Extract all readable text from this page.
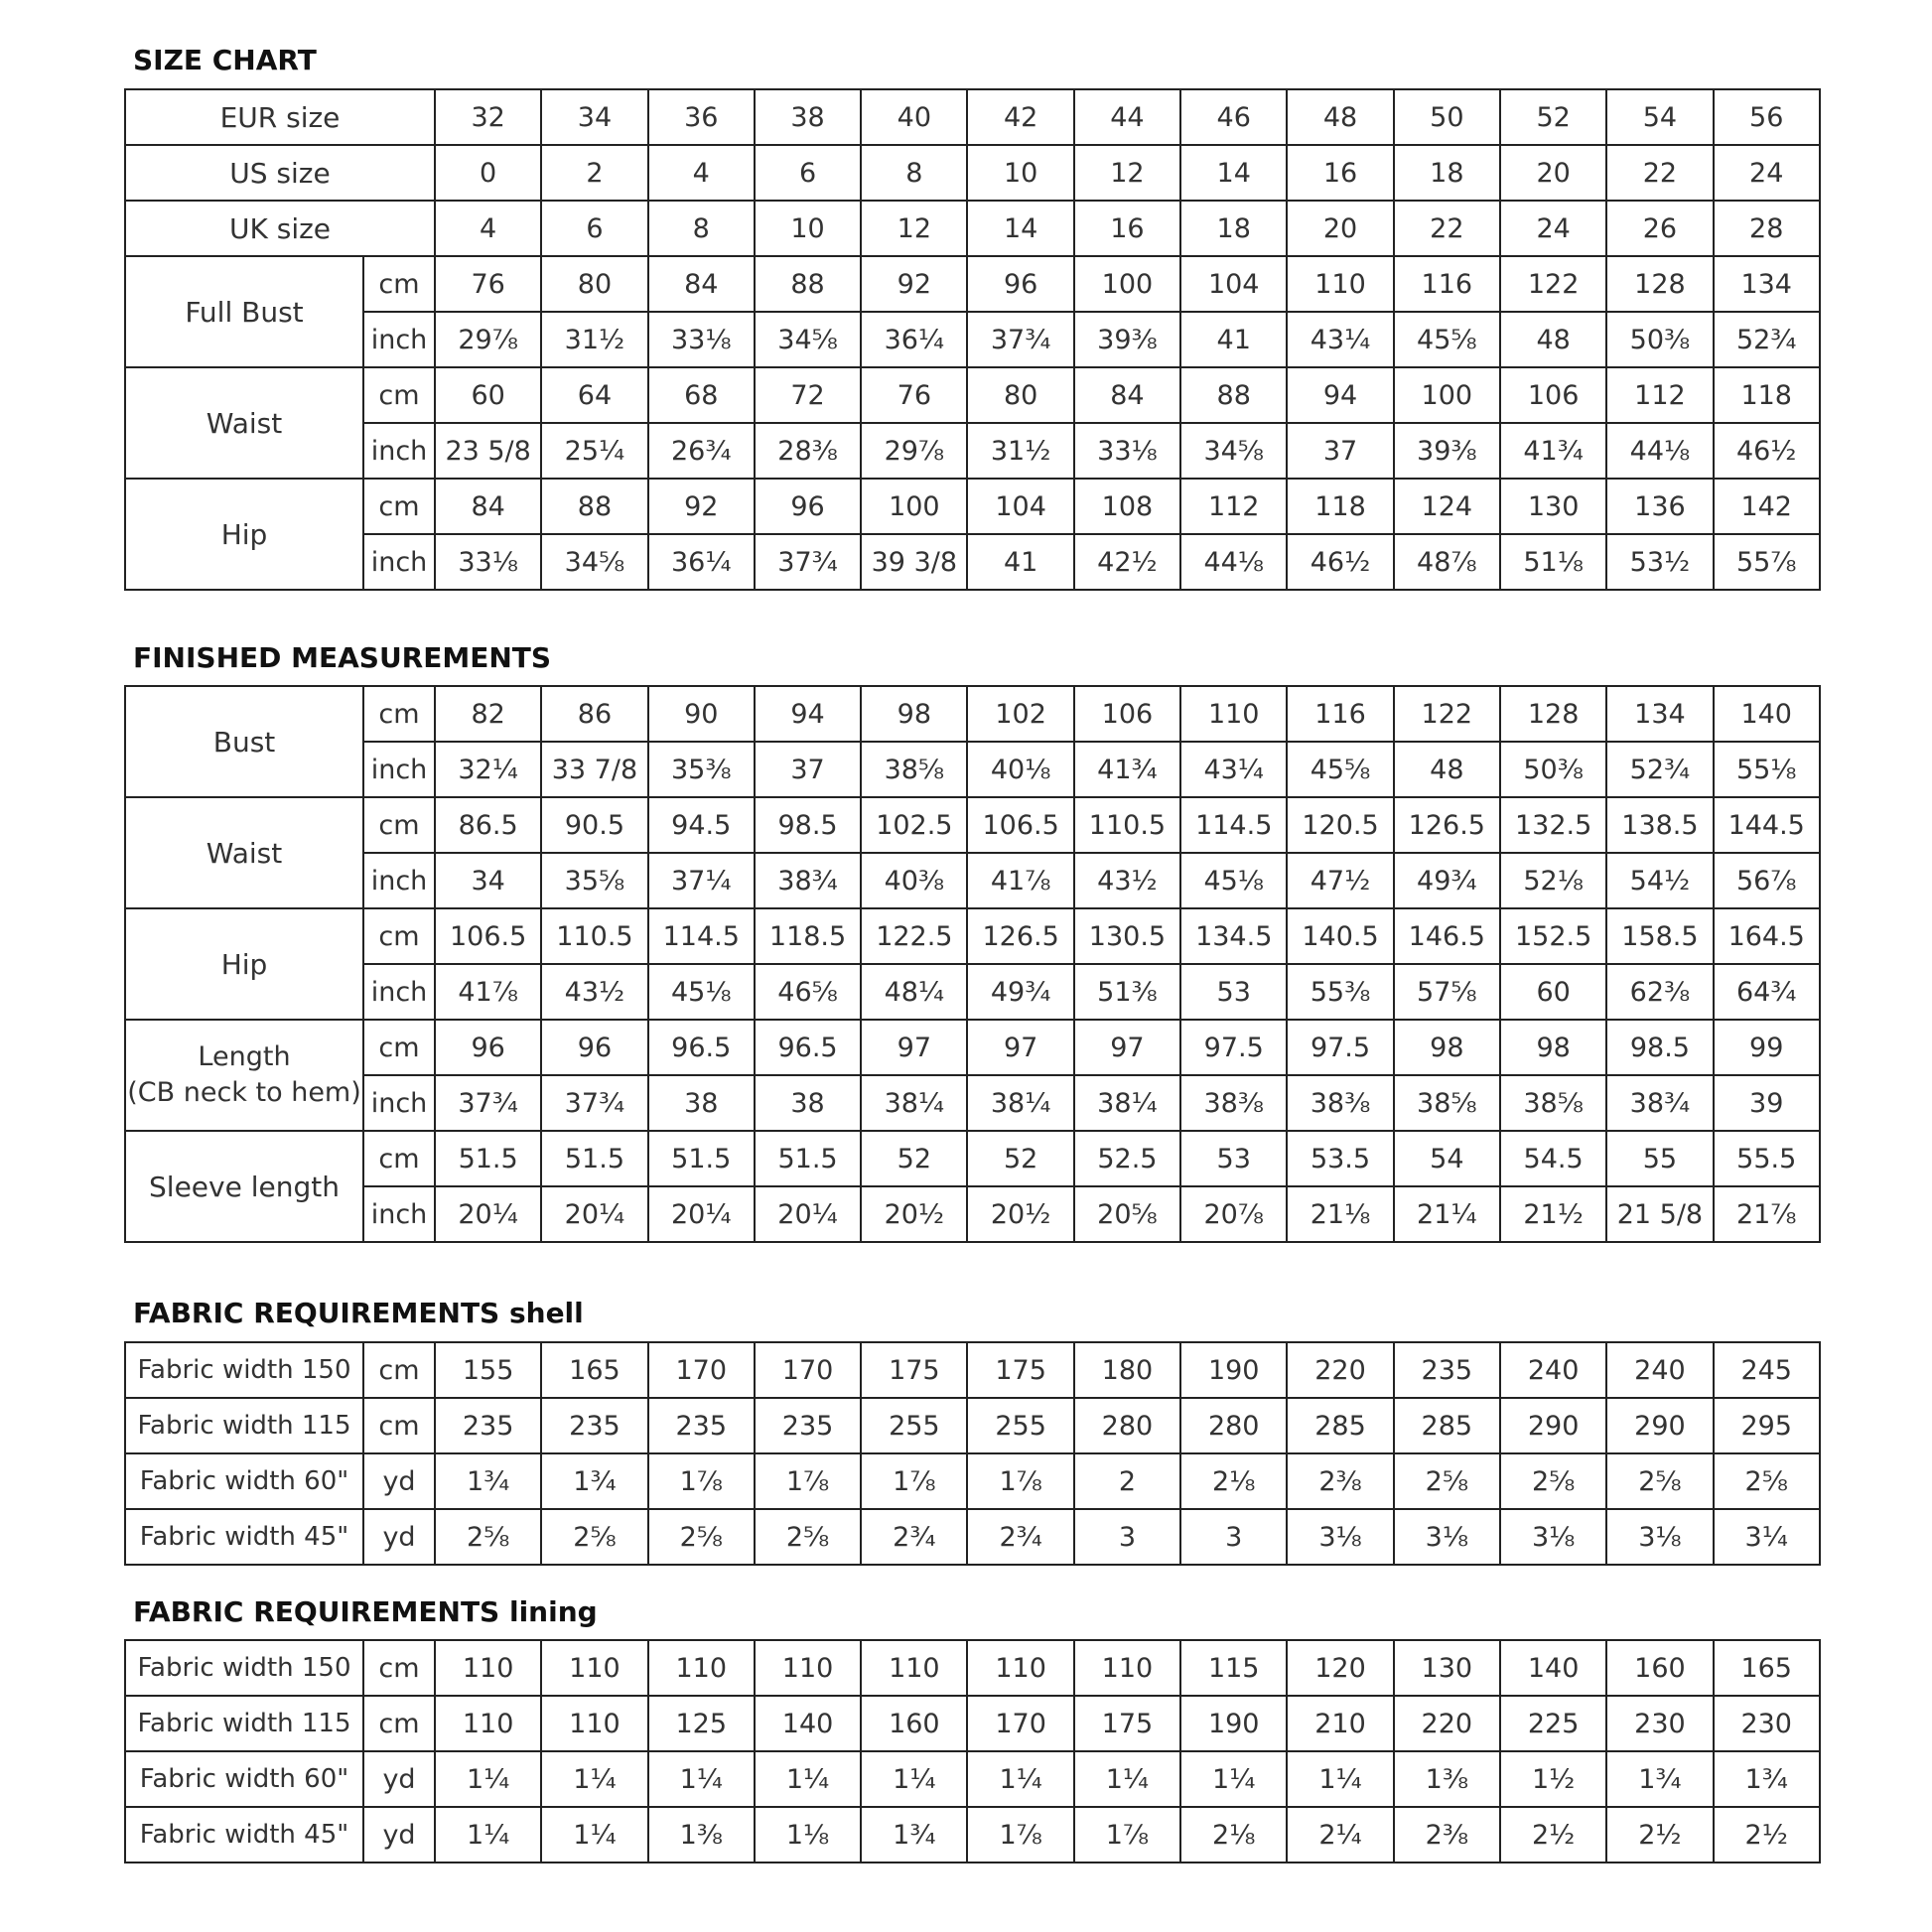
SIZE CHART
EUR size		32	34	36	38	40	42	44	46	48	50	52	54	56
US size		0	2	4	6	8	10	12	14	16	18	20	22	24
UK size		4	6	8	10	12	14	16	18	20	22	24	26	28
Full Bust	cm	76	80	84	88	92	96	100	104	110	116	122	128	134
	inch	29⅞	31½	33⅛	34⅝	36¼	37¾	39⅜	41	43¼	45⅝	48	50⅜	52¾
Waist	cm	60	64	68	72	76	80	84	88	94	100	106	112	118
	inch	23 5/8	25¼	26¾	28⅜	29⅞	31½	33⅛	34⅝	37	39⅜	41¾	44⅛	46½
Hip	cm	84	88	92	96	100	104	108	112	118	124	130	136	142
	inch	33⅛	34⅝	36¼	37¾	39 3/8	41	42½	44⅛	46½	48⅞	51⅛	53½	55⅞
FINISHED MEASUREMENTS
Bust	cm	82	86	90	94	98	102	106	110	116	122	128	134	140
	inch	32¼	33 7/8	35⅜	37	38⅝	40⅛	41¾	43¼	45⅝	48	50⅜	52¾	55⅛
Waist	cm	86.5	90.5	94.5	98.5	102.5	106.5	110.5	114.5	120.5	126.5	132.5	138.5	144.5
	inch	34	35⅝	37¼	38¾	40⅜	41⅞	43½	45⅛	47½	49¾	52⅛	54½	56⅞
Hip	cm	106.5	110.5	114.5	118.5	122.5	126.5	130.5	134.5	140.5	146.5	152.5	158.5	164.5
	inch	41⅞	43½	45⅛	46⅝	48¼	49¾	51⅜	53	55⅜	57⅝	60	62⅜	64¾

Length
(CB neck to hem)	cm	96	96	96.5	96.5	97	97	97	97.5	97.5	98	98	98.5	99
	inch	37¾	37¾	38	38	38¼	38¼	38¼	38⅜	38⅜	38⅝	38⅝	38¾	39
Sleeve length	cm	51.5	51.5	51.5	51.5	52	52	52.5	53	53.5	54	54.5	55	55.5
	inch	20¼	20¼	20¼	20¼	20½	20½	20⅝	20⅞	21⅛	21¼	21½	21 5/8	21⅞
FABRIC REQUIREMENTS shell
Fabric width 150	cm	155	165	170	170	175	175	180	190	220	235	240	240	245
Fabric width 115	cm	235	235	235	235	255	255	280	280	285	285	290	290	295
Fabric width 60"	yd	1¾	1¾	1⅞	1⅞	1⅞	1⅞	2	2⅛	2⅜	2⅝	2⅝	2⅝	2⅝
Fabric width 45"	yd	2⅝	2⅝	2⅝	2⅝	2¾	2¾	3	3	3⅛	3⅛	3⅛	3⅛	3¼
FABRIC REQUIREMENTS lining
Fabric width 150	cm	110	110	110	110	110	110	110	115	120	130	140	160	165
Fabric width 115	cm	110	110	125	140	160	170	175	190	210	220	225	230	230
Fabric width 60"	yd	1¼	1¼	1¼	1¼	1¼	1¼	1¼	1¼	1¼	1⅜	1½	1¾	1¾
Fabric width 45"	yd	1¼	1¼	1⅜	1⅛	1¾	1⅞	1⅞	2⅛	2¼	2⅜	2½	2½	2½
